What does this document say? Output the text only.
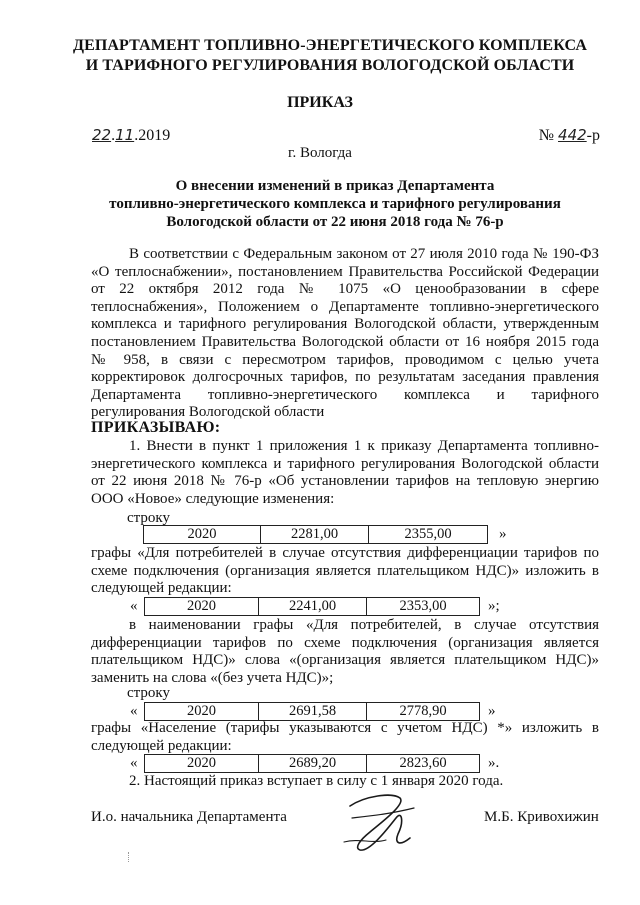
ДЕПАРТАМЕНТ ТОПЛИВНО-ЭНЕРГЕТИЧЕСКОГО КОМПЛЕКСА
И ТАРИФНОГО РЕГУЛИРОВАНИЯ ВОЛОГОДСКОЙ ОБЛАСТИ
ПРИКАЗ
22.11.2019	№ 442-р
г. Вологда
О внесении изменений в приказ Департамента
топливно-энергетического комплекса и тарифного регулирования
Вологодской области от 22 июня 2018 года № 76-р
В соответствии с Федеральным законом от 27 июля 2010 года № 190-ФЗ «О теплоснабжении», постановлением Правительства Российской Федерации от 22 октября 2012 года № 1075 «О ценообразовании в сфере теплоснабжения», Положением о Департаменте топливно-энергетического комплекса и тарифного регулирования Вологодской области, утвержденным постановлением Правительства Вологодской области от 16 ноября 2015 года № 958, в связи с пересмотром тарифов, проводимом с целью учета корректировок долгосрочных тарифов, по результатам заседания правления Департамента топливно-энергетического комплекса и тарифного регулирования Вологодской области
ПРИКАЗЫВАЮ:
1. Внести в пункт 1 приложения 1 к приказу Департамента топливно-энергетического комплекса и тарифного регулирования Вологодской области от 22 июня 2018 № 76-р «Об установлении тарифов на тепловую энергию ООО «Новое» следующие изменения:
строку
2020	2281,00	2355,00	»
графы «Для потребителей в случае отсутствия дифференциации тарифов по схеме подключения (организация является плательщиком НДС)» изложить в следующей редакции:
«	2020	2241,00	2353,00	»;
в наименовании графы «Для потребителей, в случае отсутствия дифференциации тарифов по схеме подключения (организация является плательщиком НДС)» слова «(организация является плательщиком НДС)» заменить на слова «(без учета НДС)»;
строку
«	2020	2691,58	2778,90	»
графы «Население (тарифы указываются с учетом НДС) *» изложить в следующей редакции:
«	2020	2689,20	2823,60	».
2. Настоящий приказ вступает в силу с 1 января 2020 года.
И.о. начальника Департамента	М.Б. Кривохижин
